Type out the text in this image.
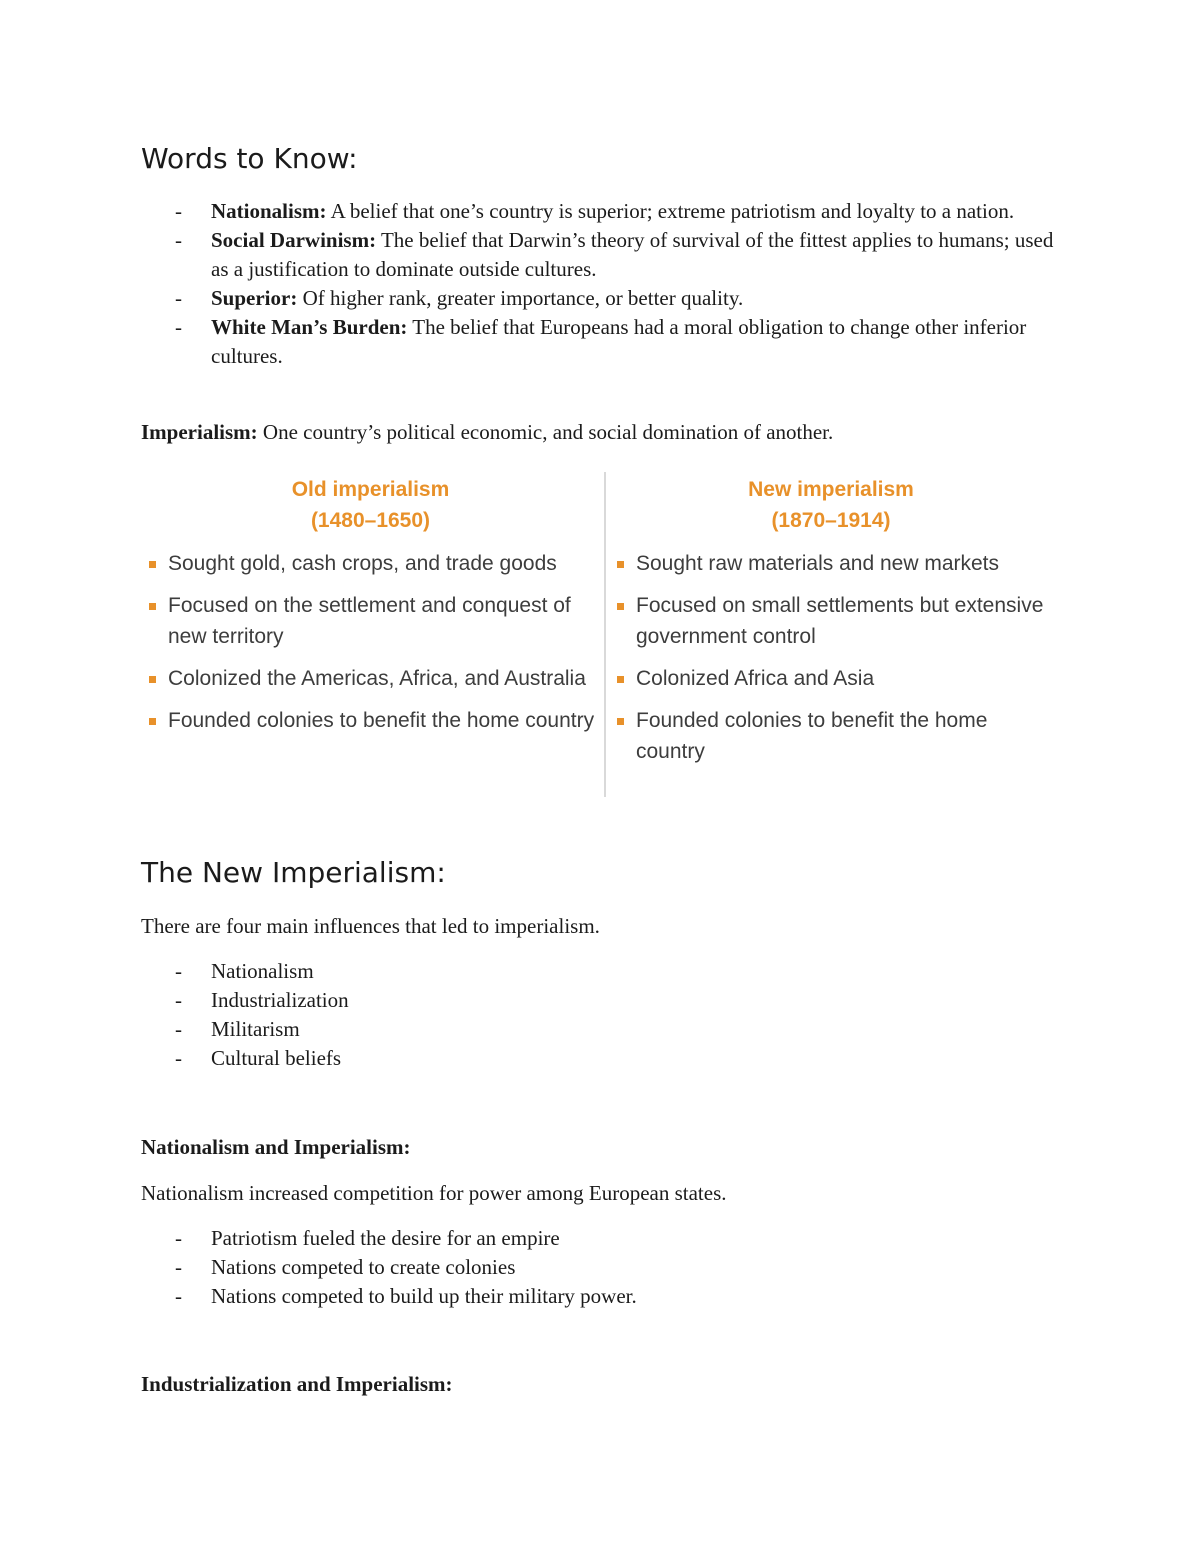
Words to Know:
- Nationalism: A belief that one’s country is superior; extreme patriotism and loyalty to a nation.
- Social Darwinism: The belief that Darwin’s theory of survival of the fittest applies to humans; used as a justification to dominate outside cultures.
- Superior: Of higher rank, greater importance, or better quality.
- White Man’s Burden: The belief that Europeans had a moral obligation to change other inferior cultures.

Imperialism: One country’s political economic, and social domination of another.

The New Imperialism:

There are four main influences that led to imperialism.

- Nationalism
- Industrialization
- Militarism
- Cultural beliefs
Nationalism and Imperialism:

Nationalism increased competition for power among European states.

- Patriotism fueled the desire for an empire
- Nations competed to create colonies
- Nations competed to build up their military power.
Industrialization and Imperialism:
Old imperialism
(1480–1650)
Sought gold, cash crops, and trade goods
Focused on the settlement and conquest of new territory
Colonized the Americas, Africa, and Australia
Founded colonies to benefit the home country
New imperialism
(1870–1914)
Sought raw materials and new markets
Focused on small settlements but extensive government control
Colonized Africa and Asia
Founded colonies to benefit the home country
